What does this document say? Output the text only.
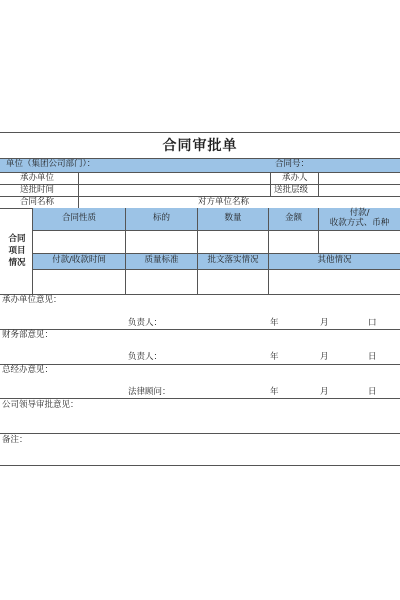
合同审批单
单位（集团公司部门）：	合同号：
承办单位	承办人
送批时间	送批层级
合同名称	对方单位名称
合同
项目
情况
合同性质	标的	数量	金额	付款/
收款方式、币种
付款/收款时间	质量标准	批文落实情况	其他情况
承办单位意见：
负责人：	年	月	口
财务部意见：
负责人：	年	月	日
总经办意见：
法律顾问：	年	月	日
公司领导审批意见：
备注：
